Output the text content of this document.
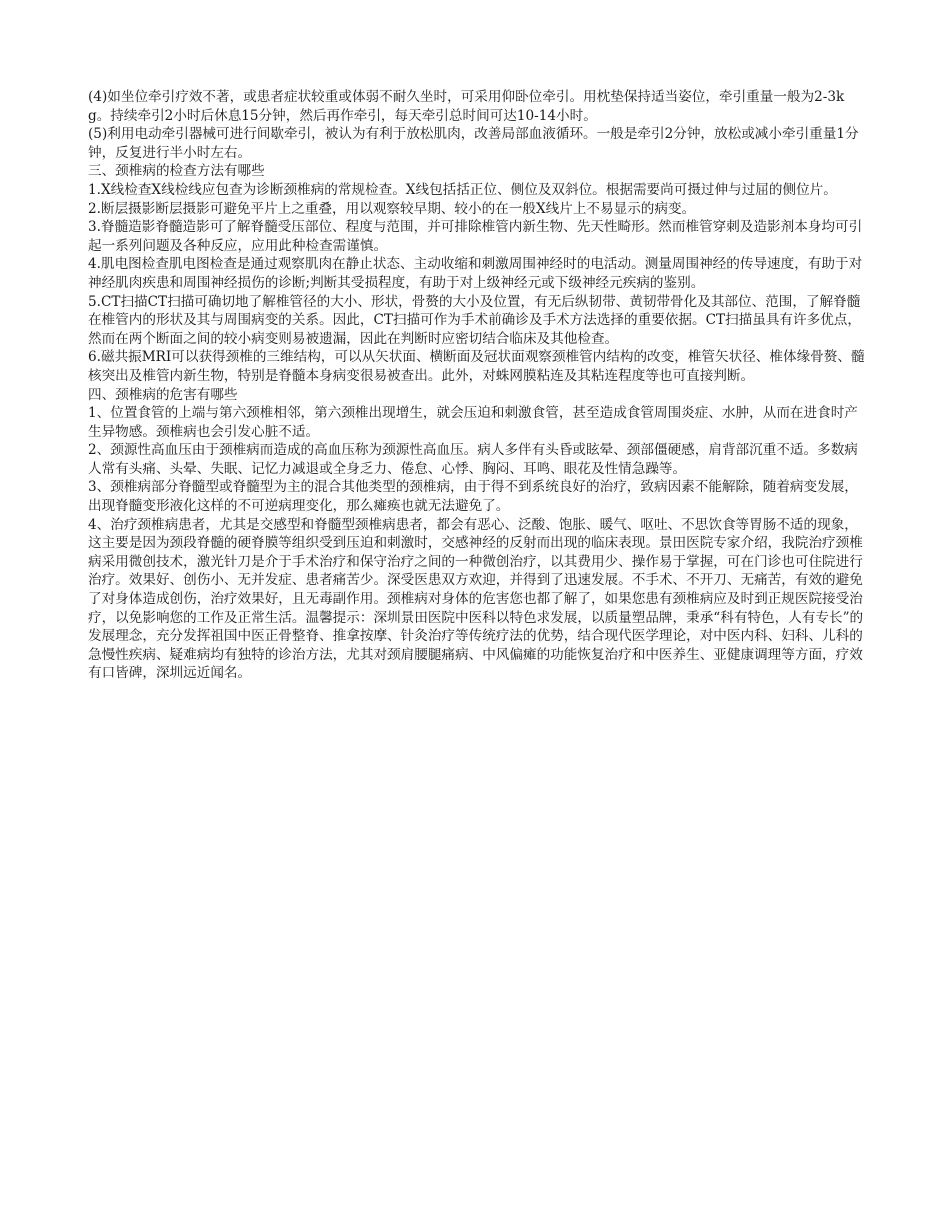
(4)如坐位牵引疗效不著，或患者症状较重或体弱不耐久坐时，可采用仰卧位牵引。用枕垫保持适当姿位，牵引重量一般为2-3kg。持续牵引2小时后休息15分钟，然后再作牵引，每天牵引总时间可达10-14小时。

(5)利用电动牵引器械可进行间歇牵引，被认为有利于放松肌肉，改善局部血液循环。一般是牵引2分钟，放松或减小牵引重量1分钟，反复进行半小时左右。

三、颈椎病的检查方法有哪些

1.X线检查X线检线应包查为诊断颈椎病的常规检查。X线包括括正位、侧位及双斜位。根据需要尚可摄过伸与过屈的侧位片。

2.断层摄影断层摄影可避免平片上之重叠，用以观察较早期、较小的在一般X线片上不易显示的病变。

3.脊髓造影脊髓造影可了解脊髓受压部位、程度与范围，并可排除椎管内新生物、先天性畸形。然而椎管穿刺及造影剂本身均可引起一系列问题及各种反应，应用此种检查需谨慎。

4.肌电图检查肌电图检查是通过观察肌肉在静止状态、主动收缩和刺激周围神经时的电活动。测量周围神经的传导速度，有助于对神经肌肉疾患和周围神经损伤的诊断;判断其受损程度，有助于对上级神经元或下级神经元疾病的鉴别。

5.CT扫描CT扫描可确切地了解椎管径的大小、形状，骨赘的大小及位置，有无后纵韧带、黄韧带骨化及其部位、范围，了解脊髓在椎管内的形状及其与周围病变的关系。因此，CT扫描可作为手术前确诊及手术方法选择的重要依据。CT扫描虽具有许多优点，然而在两个断面之间的较小病变则易被遗漏，因此在判断时应密切结合临床及其他检查。

6.磁共振MRI可以获得颈椎的三维结构，可以从矢状面、横断面及冠状面观察颈椎管内结构的改变，椎管矢状径、椎体缘骨赘、髓核突出及椎管内新生物，特别是脊髓本身病变很易被查出。此外，对蛛网膜粘连及其粘连程度等也可直接判断。

四、颈椎病的危害有哪些

1、位置食管的上端与第六颈椎相邻，第六颈椎出现增生，就会压迫和刺激食管，甚至造成食管周围炎症、水肿，从而在进食时产生异物感。颈椎病也会引发心脏不适。

2、颈源性高血压由于颈椎病而造成的高血压称为颈源性高血压。病人多伴有头昏或眩晕、颈部僵硬感，肩背部沉重不适。多数病人常有头痛、头晕、失眠、记忆力减退或全身乏力、倦怠、心悸、胸闷、耳鸣、眼花及性情急躁等。

3、颈椎病部分脊髓型或脊髓型为主的混合其他类型的颈椎病，由于得不到系统良好的治疗，致病因素不能解除，随着病变发展，出现脊髓变形液化这样的不可逆病理变化，那么瘫痪也就无法避免了。

4、治疗颈椎病患者，尤其是交感型和脊髓型颈椎病患者，都会有恶心、泛酸、饱胀、暖气、呕吐、不思饮食等胃肠不适的现象，这主要是因为颈段脊髓的硬脊膜等组织受到压迫和刺激时，交感神经的反射而出现的临床表现。景田医院专家介绍，我院治疗颈椎病采用微创技术，激光针刀是介于手术治疗和保守治疗之间的一种微创治疗，以其费用少、操作易于掌握，可在门诊也可住院进行治疗。效果好、创伤小、无并发症、患者痛苦少。深受医患双方欢迎，并得到了迅速发展。不手术、不开刀、无痛苦，有效的避免了对身体造成创伤，治疗效果好，且无毒副作用。颈椎病对身体的危害您也都了解了，如果您患有颈椎病应及时到正规医院接受治疗，以免影响您的工作及正常生活。温馨提示：深圳景田医院中医科以特色求发展，以质量塑品牌，秉承“科有特色，人有专长”的发展理念，充分发挥祖国中医正骨整脊、推拿按摩、针灸治疗等传统疗法的优势，结合现代医学理论，对中医内科、妇科、儿科的急慢性疾病、疑难病均有独特的诊治方法，尤其对颈肩腰腿痛病、中风偏瘫的功能恢复治疗和中医养生、亚健康调理等方面，疗效有口皆碑，深圳远近闻名。
